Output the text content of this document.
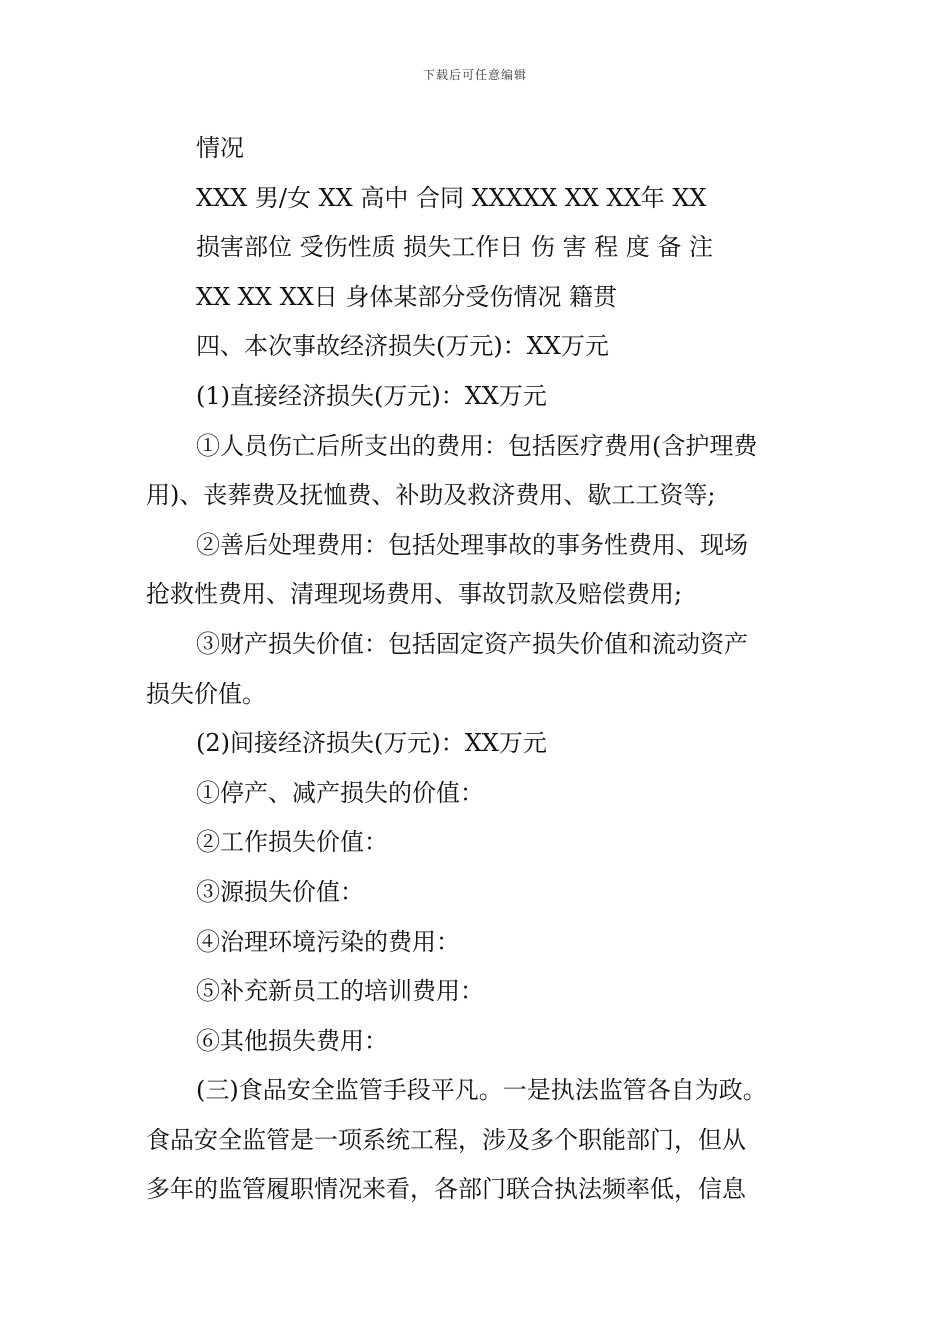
下载后可任意编辑
情况
XXX 男/女 XX 高中 合同 XXXXX XX XX年 XX
损害部位 受伤性质 损失工作日 伤 害 程 度 备 注
XX XX XX日 身体某部分受伤情况 籍贯
四、本次事故经济损失(万元)：XX万元
(1)直接经济损失(万元)：XX万元
①人员伤亡后所支出的费用：包括医疗费用(含护理费
用)、丧葬费及抚恤费、补助及救济费用、歇工工资等;
②善后处理费用：包括处理事故的事务性费用、现场
抢救性费用、清理现场费用、事故罚款及赔偿费用;
③财产损失价值：包括固定资产损失价值和流动资产
损失价值。
(2)间接经济损失(万元)：XX万元
①停产、减产损失的价值：
②工作损失价值：
③源损失价值：
④治理环境污染的费用：
⑤补充新员工的培训费用：
⑥其他损失费用：
(三)食品安全监管手段平凡。一是执法监管各自为政。
食品安全监管是一项系统工程，涉及多个职能部门，但从
多年的监管履职情况来看，各部门联合执法频率低，信息
